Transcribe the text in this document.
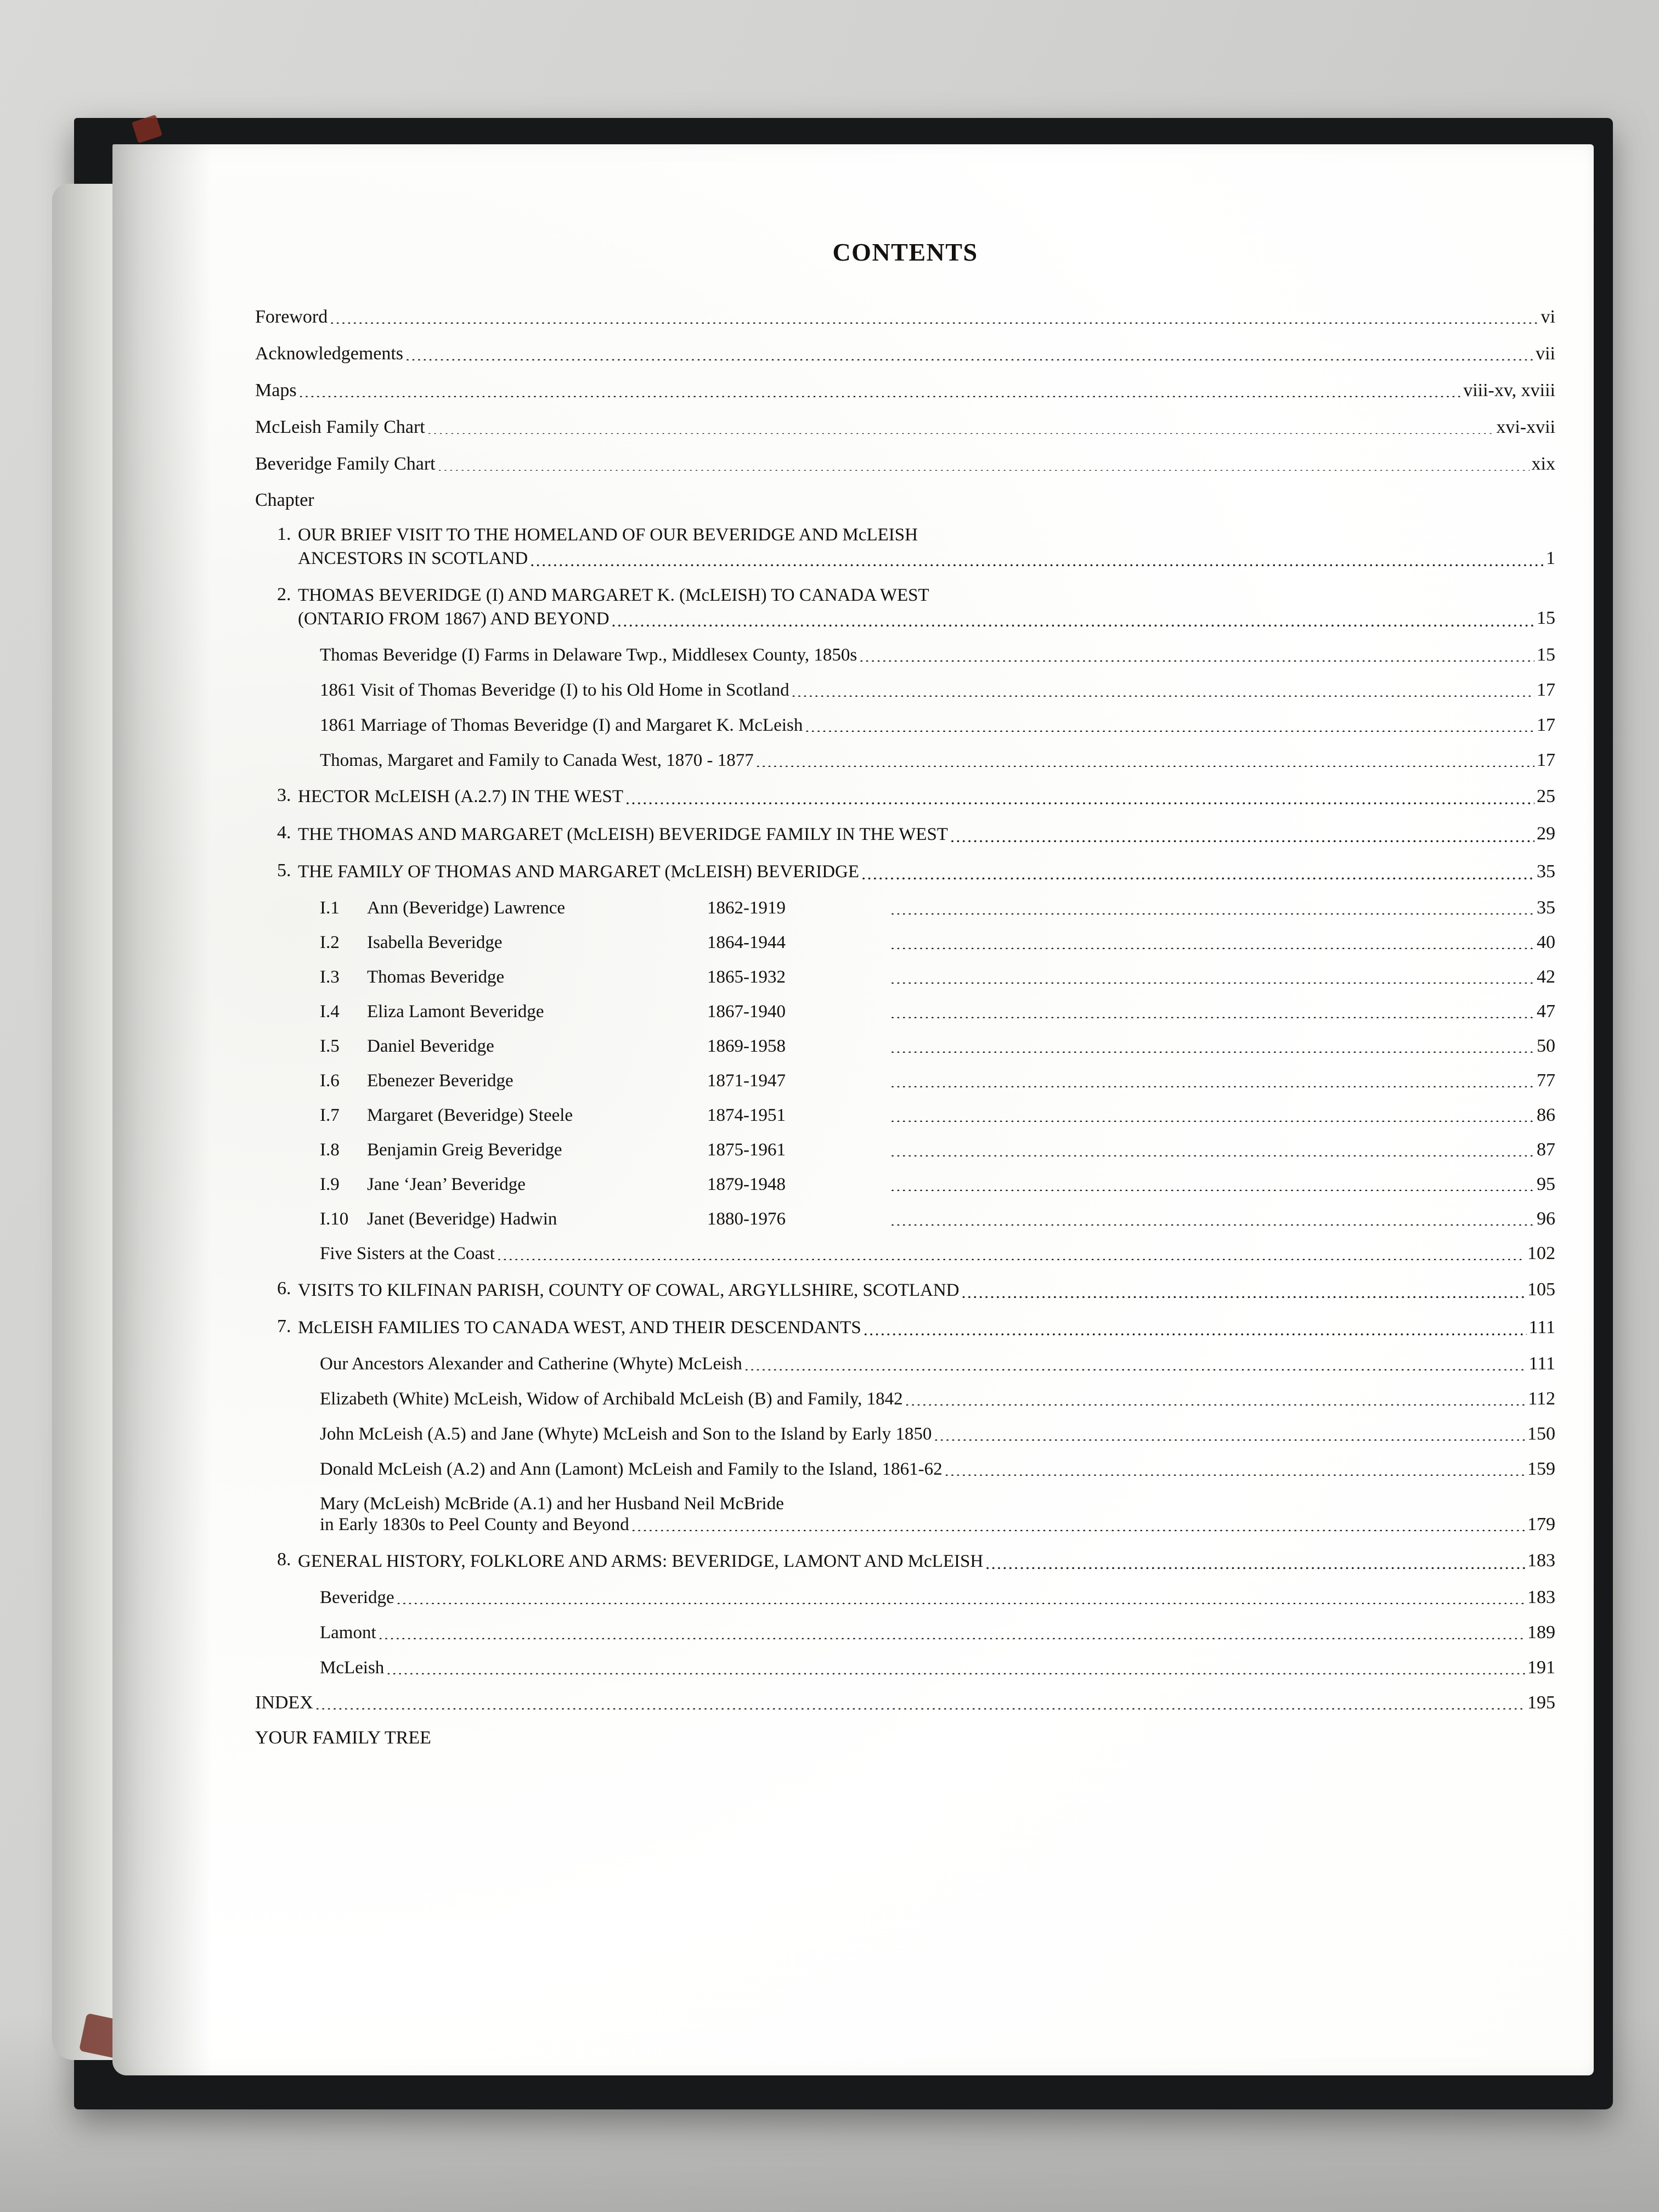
CONTENTS
Foreword .....	vi
Acknowledgements .....	vii
Maps .....	viii-xv, xviii
McLeish Family Chart .....	xvi-xvii
Beveridge Family Chart .....	xix
Chapter
1. OUR BRIEF VISIT TO THE HOMELAND OF OUR BEVERIDGE AND McLEISH
ANCESTORS IN SCOTLAND .....	1
2. THOMAS BEVERIDGE (I) AND MARGARET K. (McLEISH) TO CANADA WEST
(ONTARIO FROM 1867) AND BEYOND .....	15
Thomas Beveridge (I) Farms in Delaware Twp., Middlesex County, 1850s .....	15
1861 Visit of Thomas Beveridge (I) to his Old Home in Scotland .....	17
1861 Marriage of Thomas Beveridge (I) and Margaret K. McLeish .....	17
Thomas, Margaret and Family to Canada West, 1870 - 1877 .....	17
3. HECTOR McLEISH (A.2.7) IN THE WEST .....	25
4. THE THOMAS AND MARGARET (McLEISH) BEVERIDGE FAMILY IN THE WEST .....	29
5. THE FAMILY OF THOMAS AND MARGARET (McLEISH) BEVERIDGE .....	35
I.1	Ann (Beveridge) Lawrence	1862-1919 .....	35
I.2	Isabella Beveridge	1864-1944 .....	40
I.3	Thomas Beveridge	1865-1932 .....	42
I.4	Eliza Lamont Beveridge	1867-1940 .....	47
I.5	Daniel Beveridge	1869-1958 .....	50
I.6	Ebenezer Beveridge	1871-1947 .....	77
I.7	Margaret (Beveridge) Steele	1874-1951 .....	86
I.8	Benjamin Greig Beveridge	1875-1961 .....	87
I.9	Jane ‘Jean’ Beveridge	1879-1948 .....	95
I.10	Janet (Beveridge) Hadwin	1880-1976 .....	96
Five Sisters at the Coast .....	102
6. VISITS TO KILFINAN PARISH, COUNTY OF COWAL, ARGYLLSHIRE, SCOTLAND .....	105
7. McLEISH FAMILIES TO CANADA WEST, AND THEIR DESCENDANTS .....	111
Our Ancestors Alexander and Catherine (Whyte) McLeish .....	111
Elizabeth (White) McLeish, Widow of Archibald McLeish (B) and Family, 1842 .....	112
John McLeish (A.5) and Jane (Whyte) McLeish and Son to the Island by Early 1850 .....	150
Donald McLeish (A.2) and Ann (Lamont) McLeish and Family to the Island, 1861-62 .....	159
Mary (McLeish) McBride (A.1) and her Husband Neil McBride
in Early 1830s to Peel County and Beyond .....	179
8. GENERAL HISTORY, FOLKLORE AND ARMS: BEVERIDGE, LAMONT AND McLEISH .....	183
Beveridge .....	183
Lamont .....	189
McLeish .....	191
INDEX .....	195
YOUR FAMILY TREE
